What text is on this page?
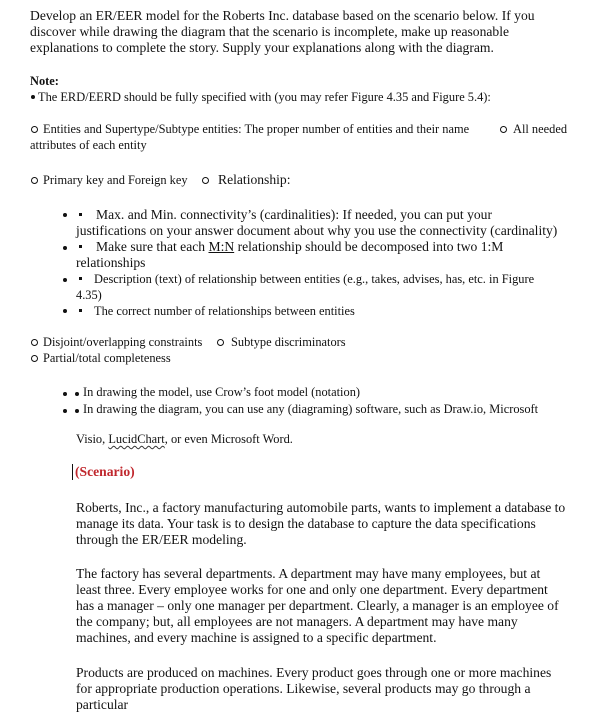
Develop an ER/EER model for the Roberts Inc. database based on the scenario below. If you
discover while drawing the diagram that the scenario is incomplete, make up reasonable
explanations to complete the story. Supply your explanations along with the diagram.
Note:
The ERD/EERD should be fully specified with (you may refer Figure 4.35 and Figure 5.4):
Entities and Supertype/Subtype entities: The proper number of entities and their name	All needed
attributes of each entity
Primary key and Foreign key Relationship:
Max. and Min. connectivity’s (cardinalities): If needed, you can put your
justifications on your answer document about why you use the connectivity (cardinality)
Make sure that each M:N relationship should be decomposed into two 1:M
relationships
Description (text) of relationship between entities (e.g., takes, advises, has, etc. in Figure
4.35)
The correct number of relationships between entities
Disjoint/overlapping constraints Subtype discriminators
Partial/total completeness
In drawing the model, use Crow’s foot model (notation)
In drawing the diagram, you can use any (diagraming) software, such as Draw.io, Microsoft
Visio, LucidChart, or even Microsoft Word.
(Scenario)
Roberts, Inc., a factory manufacturing automobile parts, wants to implement a database to
manage its data. Your task is to design the database to capture the data specifications
through the ER/EER modeling.
The factory has several departments. A department may have many employees, but at
least three. Every employee works for one and only one department. Every department
has a manager – only one manager per department. Clearly, a manager is an employee of
the company; but, all employees are not managers. A department may have many
machines, and every machine is assigned to a specific department.
Products are produced on machines. Every product goes through one or more machines
for appropriate production operations. Likewise, several products may go through a
particular
